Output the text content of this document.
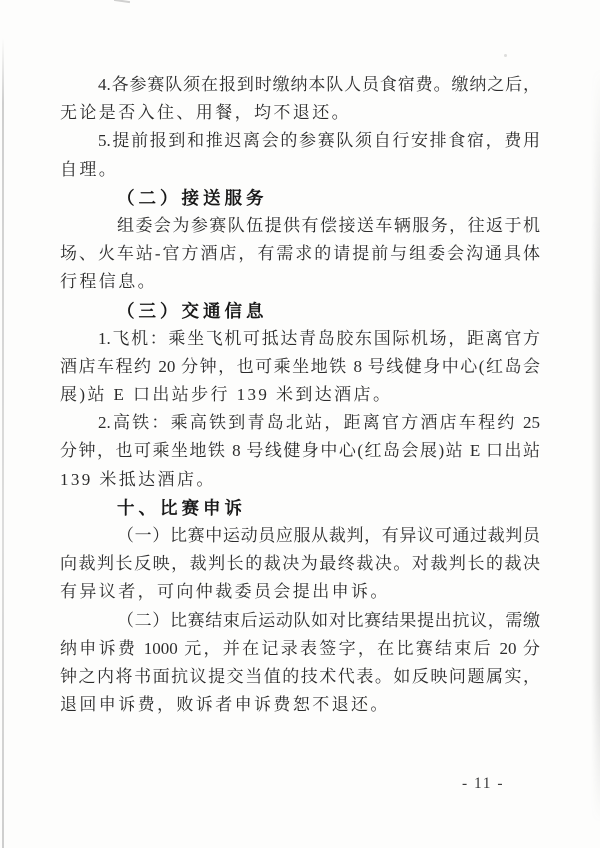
4.各参赛队须在报到时缴纳本队人员食宿费。缴纳之后，
无论是否入住、用餐，均不退还。
5.提前报到和推迟离会的参赛队须自行安排食宿，费用
自理。
（二）接送服务
组委会为参赛队伍提供有偿接送车辆服务，往返于机
场、火车站-官方酒店，有需求的请提前与组委会沟通具体
行程信息。
（三）交通信息
1.飞机：乘坐飞机可抵达青岛胶东国际机场，距离官方
酒店车程约 20 分钟，也可乘坐地铁 8 号线健身中心(红岛会
展)站 E 口出站步行 139 米到达酒店。
2.高铁：乘高铁到青岛北站，距离官方酒店车程约 25
分钟，也可乘坐地铁 8 号线健身中心(红岛会展)站 E 口出站
139 米抵达酒店。
十、比赛申诉
（一）比赛中运动员应服从裁判，有异议可通过裁判员
向裁判长反映，裁判长的裁决为最终裁决。对裁判长的裁决
有异议者，可向仲裁委员会提出申诉。
（二）比赛结束后运动队如对比赛结果提出抗议，需缴
纳申诉费 1000 元，并在记录表签字，在比赛结束后 20 分
钟之内将书面抗议提交当值的技术代表。如反映问题属实，
退回申诉费，败诉者申诉费恕不退还。
- 11 -
